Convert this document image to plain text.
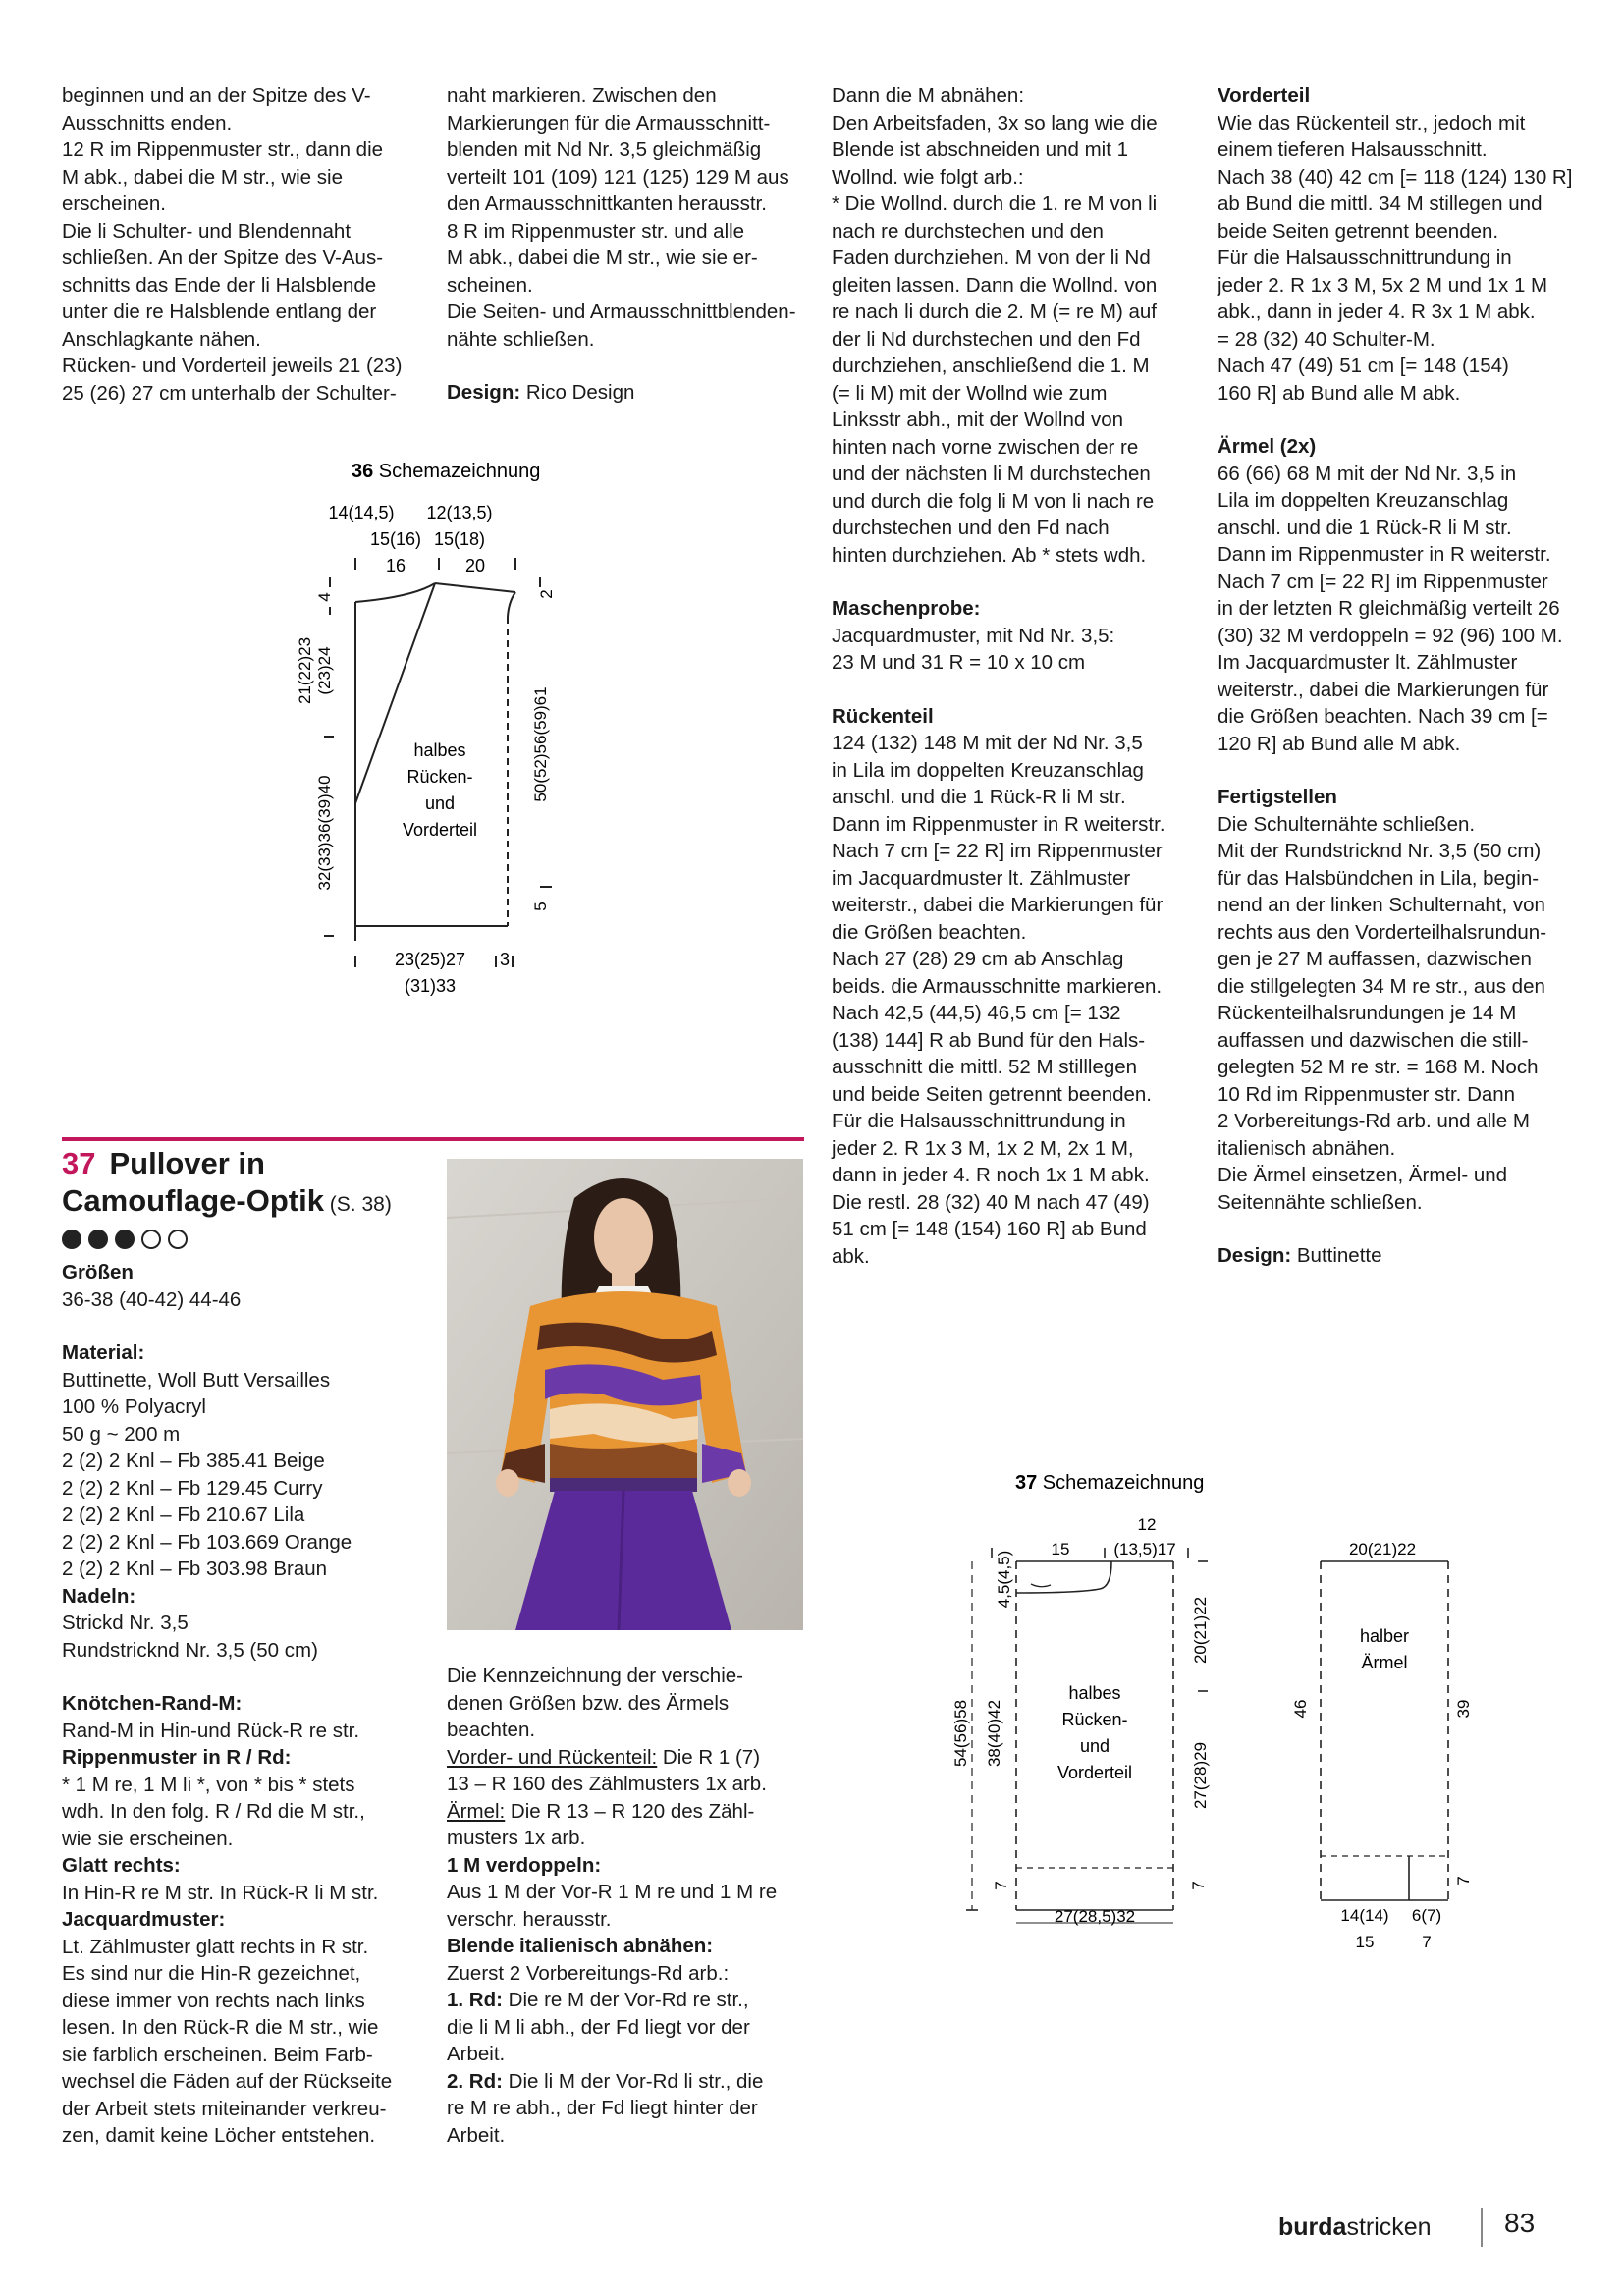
beginnen und an der Spitze des V-
Ausschnitts enden.
12 R im Rippenmuster str., dann die
M abk., dabei die M str., wie sie
erscheinen.
Die li Schulter- und Blendennaht
schließen. An der Spitze des V-Aus-
schnitts das Ende der li Halsblende
unter die re Halsblende entlang der
Anschlagkante nähen.
Rücken- und Vorderteil jeweils 21 (23)
25 (26) 27 cm unterhalb der Schulter-
naht markieren. Zwischen den
Markierungen für die Armausschnitt-
blenden mit Nd Nr. 3,5 gleichmäßig
verteilt 101 (109) 121 (125) 129 M aus
den Armausschnittkanten herausstr.
8 R im Rippenmuster str. und alle
M abk., dabei die M str., wie sie er-
scheinen.
Die Seiten- und Armausschnittblenden-
nähte schließen.
Design: Rico Design
36 Schemazeichnung
14(14,5)
15(16)
16
12(13,5)
15(18)
20
4
21(22)23 (23)24
32(33)36(39)40
2
50(52)56(59)61
5
halbes
Rücken-
und
Vorderteil
23(25)27
(31)33
3
37 Pullover in
Camouflage-Optik (S. 38)
Größen
36-38 (40-42) 44-46
Material:
Buttinette, Woll Butt Versailles
100 % Polyacryl
50 g ~ 200 m
2 (2) 2 Knl – Fb 385.41 Beige
2 (2) 2 Knl – Fb 129.45 Curry
2 (2) 2 Knl – Fb 210.67 Lila
2 (2) 2 Knl – Fb 103.669 Orange
2 (2) 2 Knl – Fb 303.98 Braun
Nadeln:
Strickd Nr. 3,5
Rundstricknd Nr. 3,5 (50 cm)
Knötchen-Rand-M:
Rand-M in Hin-und Rück-R re str.
Rippenmuster in R / Rd:
* 1 M re, 1 M li *, von * bis * stets
wdh. In den folg. R / Rd die M str.,
wie sie erscheinen.
Glatt rechts:
In Hin-R re M str. In Rück-R li M str.
Jacquardmuster:
Lt. Zählmuster glatt rechts in R str.
Es sind nur die Hin-R gezeichnet,
diese immer von rechts nach links
lesen. In den Rück-R die M str., wie
sie farblich erscheinen. Beim Farb-
wechsel die Fäden auf der Rückseite
der Arbeit stets miteinander verkreu-
zen, damit keine Löcher entstehen.
Die Kennzeichnung der verschie-
denen Größen bzw. des Ärmels
beachten.
Vorder- und Rückenteil: Die R 1 (7)
13 – R 160 des Zählmusters 1x arb.
Ärmel: Die R 13 – R 120 des Zähl-
musters 1x arb.
1 M verdoppeln:
Aus 1 M der Vor-R 1 M re und 1 M re
verschr. herausstr.
Blende italienisch abnähen:
Zuerst 2 Vorbereitungs-Rd arb.:
1. Rd: Die re M der Vor-Rd re str.,
die li M li abh., der Fd liegt vor der
Arbeit.
2. Rd: Die li M der Vor-Rd li str., die
re M re abh., der Fd liegt hinter der
Arbeit.
Dann die M abnähen:
Den Arbeitsfaden, 3x so lang wie die
Blende ist abschneiden und mit 1
Wollnd. wie folgt arb.:
* Die Wollnd. durch die 1. re M von li
nach re durchstechen und den
Faden durchziehen. M von der li Nd
gleiten lassen. Dann die Wollnd. von
re nach li durch die 2. M (= re M) auf
der li Nd durchstechen und den Fd
durchziehen, anschließend die 1. M
(= li M) mit der Wollnd wie zum
Linksstr abh., mit der Wollnd von
hinten nach vorne zwischen der re
und der nächsten li M durchstechen
und durch die folg li M von li nach re
durchstechen und den Fd nach
hinten durchziehen. Ab * stets wdh.
Maschenprobe:
Jacquardmuster, mit Nd Nr. 3,5:
23 M und 31 R = 10 x 10 cm
Rückenteil
124 (132) 148 M mit der Nd Nr. 3,5
in Lila im doppelten Kreuzanschlag
anschl. und die 1 Rück-R li M str.
Dann im Rippenmuster in R weiterstr.
Nach 7 cm [= 22 R] im Rippenmuster
im Jacquardmuster lt. Zählmuster
weiterstr., dabei die Markierungen für
die Größen beachten.
Nach 27 (28) 29 cm ab Anschlag
beids. die Armausschnitte markieren.
Nach 42,5 (44,5) 46,5 cm [= 132
(138) 144] R ab Bund für den Hals-
ausschnitt die mittl. 52 M stilllegen
und beide Seiten getrennt beenden.
Für die Halsausschnittrundung in
jeder 2. R 1x 3 M, 1x 2 M, 2x 1 M,
dann in jeder 4. R noch 1x 1 M abk.
Die restl. 28 (32) 40 M nach 47 (49)
51 cm [= 148 (154) 160 R] ab Bund
abk.
Vorderteil
Wie das Rückenteil str., jedoch mit
einem tieferen Halsausschnitt.
Nach 38 (40) 42 cm [= 118 (124) 130 R]
ab Bund die mittl. 34 M stillegen und
beide Seiten getrennt beenden.
Für die Halsausschnittrundung in
jeder 2. R 1x 3 M, 5x 2 M und 1x 1 M
abk., dann in jeder 4. R 3x 1 M abk.
= 28 (32) 40 Schulter-M.
Nach 47 (49) 51 cm [= 148 (154)
160 R] ab Bund alle M abk.
Ärmel (2x)
66 (66) 68 M mit der Nd Nr. 3,5 in
Lila im doppelten Kreuzanschlag
anschl. und die 1 Rück-R li M str.
Dann im Rippenmuster in R weiterstr.
Nach 7 cm [= 22 R] im Rippenmuster
in der letzten R gleichmäßig verteilt 26
(30) 32 M verdoppeln = 92 (96) 100 M.
Im Jacquardmuster lt. Zählmuster
weiterstr., dabei die Markierungen für
die Größen beachten. Nach 39 cm [=
120 R] ab Bund alle M abk.
Fertigstellen
Die Schulternähte schließen.
Mit der Rundstricknd Nr. 3,5 (50 cm)
für das Halsbündchen in Lila, begin-
nend an der linken Schulternaht, von
rechts aus den Vorderteilhalsrundun-
gen je 27 M auffassen, dazwischen
die stillgelegten 34 M re str., aus den
Rückenteilhalsrundungen je 14 M
auffassen und dazwischen die still-
gelegten 52 M re str. = 168 M. Noch
10 Rd im Rippenmuster str. Dann
2 Vorbereitungs-Rd arb. und alle M
italienisch abnähen.
Die Ärmel einsetzen, Ärmel- und
Seitennähte schließen.
Design: Buttinette
37 Schemazeichnung
12
15	(13,5)17
4,5(4,5)
20(21)22
54(56)58 38(40)42
27(28)29
7	7
halbes
Rücken-
und
Vorderteil
27(28,5)32
20(21)22
46	39
7
halber
Ärmel
14(14)
15
6(7)
7
burdastricken	83
